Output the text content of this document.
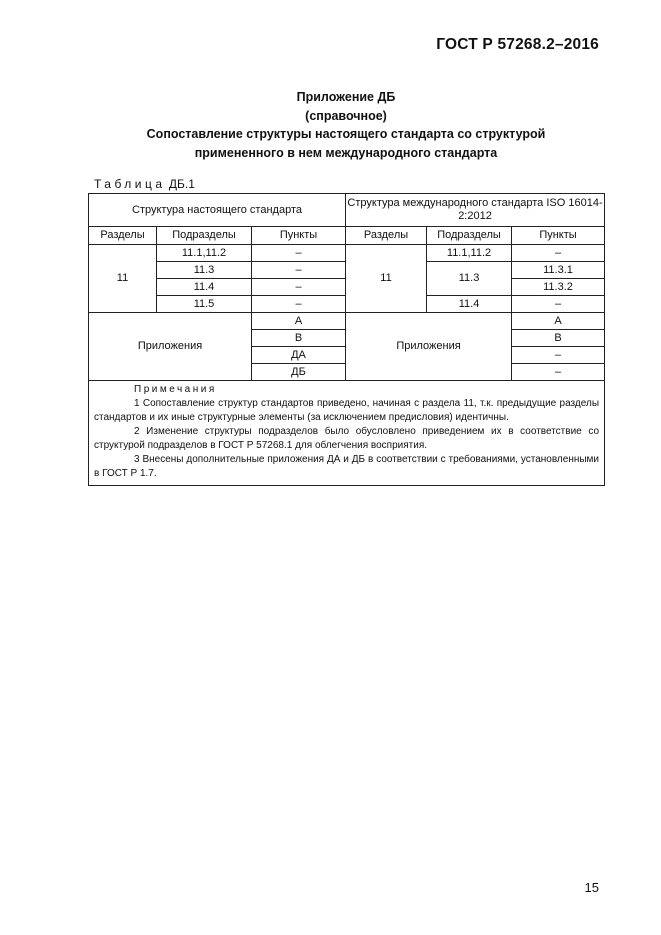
ГОСТ Р 57268.2–2016
Приложение ДБ
(справочное)
Сопоставление структуры настоящего стандарта со структурой
примененного в нем международного стандарта
Таблица ДБ.1
Структура настоящего стандарта			Структура международного стандарта ISO 16014-2:2012		
Разделы	Подразделы	Пункты	Разделы	Подразделы	Пункты
11	11.1,11.2	–	11	11.1,11.2	–
	11.3	–		11.3	11.3.1
	11.4	–			11.3.2
	11.5	–		11.4	–
Приложения		А	Приложения		А
		В			В
		ДА			–
		ДБ			–

Примечания

1 Сопоставление структур стандартов приведено, начиная с раздела 11, т.к. предыдущие разделы стандартов и их иные структурные элементы (за исключением предисловия) идентичны.

2 Изменение структуры подразделов было обусловлено приведением их в соответствие со структурой подразделов в ГОСТ Р 57268.1 для облегчения восприятия.

3 Внесены дополнительные приложения ДА и ДБ в соответствии с требованиями, установленными в ГОСТ Р 1.7.					

15
